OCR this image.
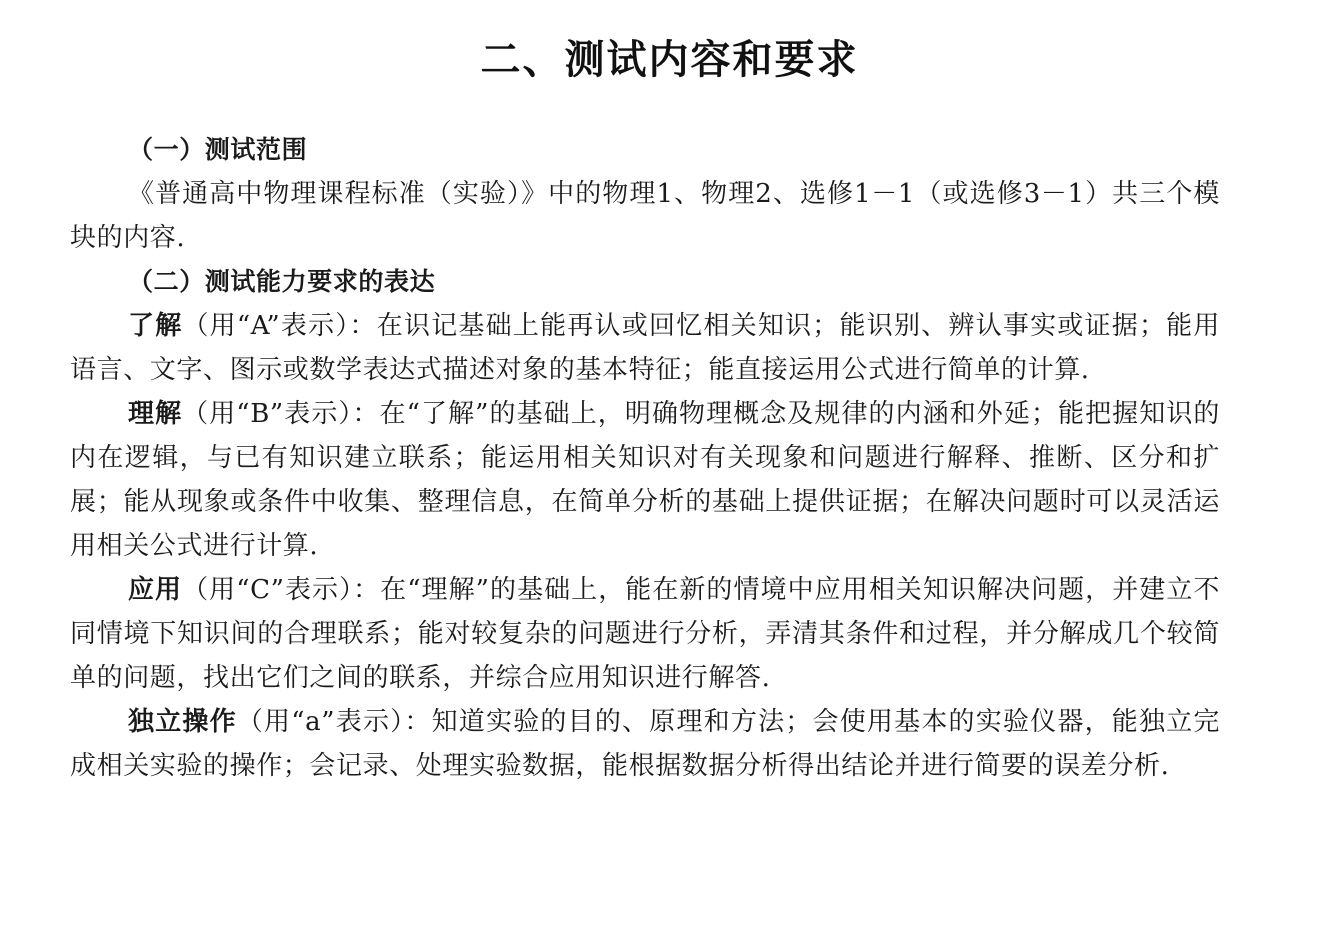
二、测试内容和要求

（一）测试范围

《普通高中物理课程标准（实验）》中的物理1、物理2、选修1－1（或选修3－1）共三个模块的内容.

（二）测试能力要求的表达

了解（用“A”表示）：在识记基础上能再认或回忆相关知识；能识别、辨认事实或证据；能用语言、文字、图示或数学表达式描述对象的基本特征；能直接运用公式进行简单的计算.

理解（用“B”表示）：在“了解”的基础上，明确物理概念及规律的内涵和外延；能把握知识的内在逻辑，与已有知识建立联系；能运用相关知识对有关现象和问题进行解释、推断、区分和扩展；能从现象或条件中收集、整理信息，在简单分析的基础上提供证据；在解决问题时可以灵活运用相关公式进行计算.

应用（用“C”表示）：在“理解”的基础上，能在新的情境中应用相关知识解决问题，并建立不同情境下知识间的合理联系；能对较复杂的问题进行分析，弄清其条件和过程，并分解成几个较简单的问题，找出它们之间的联系，并综合应用知识进行解答.

独立操作（用“a”表示）：知道实验的目的、原理和方法；会使用基本的实验仪器，能独立完成相关实验的操作；会记录、处理实验数据，能根据数据分析得出结论并进行简要的误差分析.
